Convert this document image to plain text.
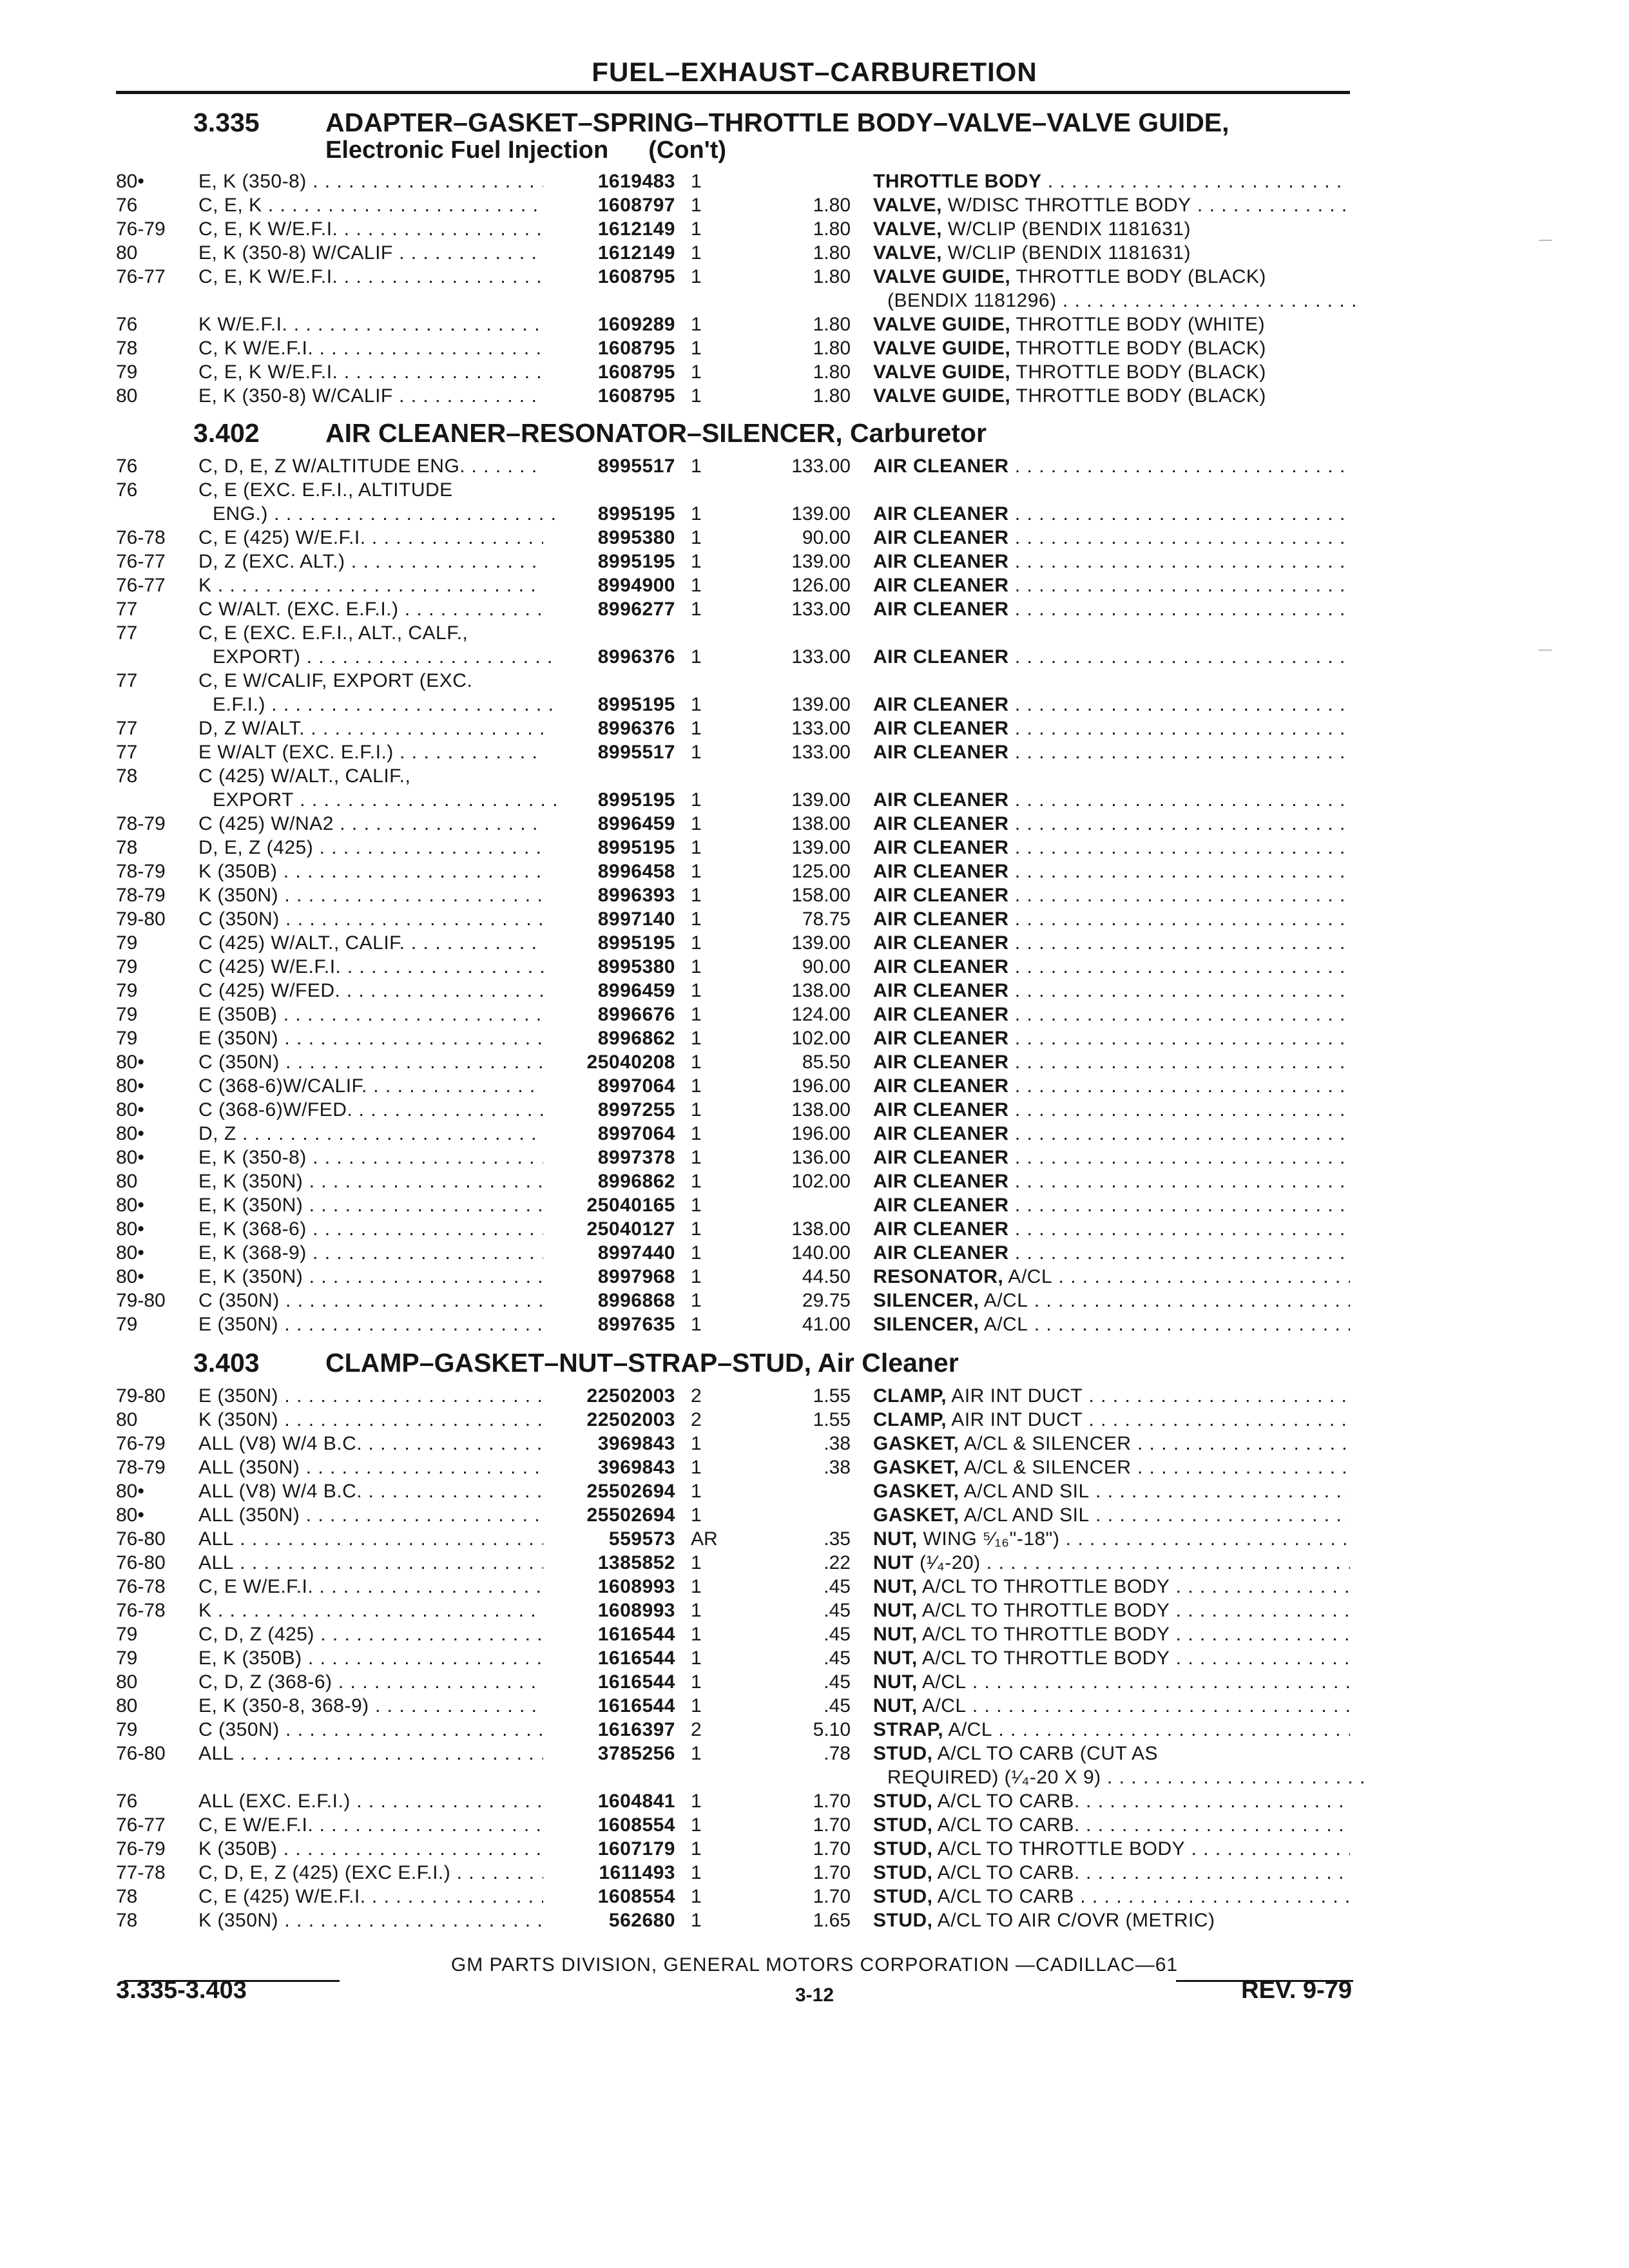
FUEL–EXHAUST–CARBURETION
3.335 ADAPTER–GASKET–SPRING–THROTTLE BODY–VALVE–VALVE GUIDE,
Electronic Fuel Injection (Con't)
3.402 AIR CLEANER–RESONATOR–SILENCER, Carburetor
3.403 CLAMP–GASKET–NUT–STRAP–STUD, Air Cleaner
80•	E, K (350-8) . . .	1619483 1	THROTTLE BODY . . .
76	C, E, K . . .	1608797 1	1.80 VALVE, W/DISC THROTTLE BODY . . .
76-79	C, E, K W/E.F.I. . . .	1612149 1	1.80 VALVE, W/CLIP (BENDIX 1181631)
80	E, K (350-8) W/CALIF . . .	1612149 1	1.80 VALVE, W/CLIP (BENDIX 1181631)
76-77	C, E, K W/E.F.I. . . .	1608795 1	1.80 VALVE GUIDE, THROTTLE BODY (BLACK)
(BENDIX 1181296) . . .
76	K W/E.F.I. . . .	1609289 1	1.80 VALVE GUIDE, THROTTLE BODY (WHITE)
78	C, K W/E.F.I. . . .	1608795 1	1.80 VALVE GUIDE, THROTTLE BODY (BLACK)
79	C, E, K W/E.F.I. . . .	1608795 1	1.80 VALVE GUIDE, THROTTLE BODY (BLACK)
80	E, K (350-8) W/CALIF . . .	1608795 1	1.80 VALVE GUIDE, THROTTLE BODY (BLACK)
76	C, D, E, Z W/ALTITUDE ENG. . . .	8995517 1	133.00 AIR CLEANER . . .
76	C, E (EXC. E.F.I., ALTITUDE
ENG.) . . .	8995195 1	139.00 AIR CLEANER . . .
76-78	C, E (425) W/E.F.I. . . .	8995380 1	90.00 AIR CLEANER . . .
76-77	D, Z (EXC. ALT.) . . .	8995195 1	139.00 AIR CLEANER . . .
76-77	K . . .	8994900 1	126.00 AIR CLEANER . . .
77	C W/ALT. (EXC. E.F.I.) . . .	8996277 1	133.00 AIR CLEANER . . .
77	C, E (EXC. E.F.I., ALT., CALF.,
EXPORT) . . .	8996376 1	133.00 AIR CLEANER . . .
77	C, E W/CALIF, EXPORT (EXC.
E.F.I.) . . .	8995195 1	139.00 AIR CLEANER . . .
77	D, Z W/ALT. . . .	8996376 1	133.00 AIR CLEANER . . .
77	E W/ALT (EXC. E.F.I.) . . .	8995517 1	133.00 AIR CLEANER . . .
78	C (425) W/ALT., CALIF.,
EXPORT . . .	8995195 1	139.00 AIR CLEANER . . .
78-79	C (425) W/NA2 . . .	8996459 1	138.00 AIR CLEANER . . .
78	D, E, Z (425) . . .	8995195 1	139.00 AIR CLEANER . . .
78-79	K (350B) . . .	8996458 1	125.00 AIR CLEANER . . .
78-79	K (350N) . . .	8996393 1	158.00 AIR CLEANER . . .
79-80	C (350N) . . .	8997140 1	78.75 AIR CLEANER . . .
79	C (425) W/ALT., CALIF. . . .	8995195 1	139.00 AIR CLEANER . . .
79	C (425) W/E.F.I. . . .	8995380 1	90.00 AIR CLEANER . . .
79	C (425) W/FED. . . .	8996459 1	138.00 AIR CLEANER . . .
79	E (350B) . . .	8996676 1	124.00 AIR CLEANER . . .
79	E (350N) . . .	8996862 1	102.00 AIR CLEANER . . .
80•	C (350N) . . .	25040208 1	85.50 AIR CLEANER . . .
80•	C (368-6)W/CALIF. . . .	8997064 1	196.00 AIR CLEANER . . .
80•	C (368-6)W/FED. . . .	8997255 1	138.00 AIR CLEANER . . .
80•	D, Z . . .	8997064 1	196.00 AIR CLEANER . . .
80•	E, K (350-8) . . .	8997378 1	136.00 AIR CLEANER . . .
80	E, K (350N) . . .	8996862 1	102.00 AIR CLEANER . . .
80•	E, K (350N) . . .	25040165 1	AIR CLEANER . . .
80•	E, K (368-6) . . .	25040127 1	138.00 AIR CLEANER . . .
80•	E, K (368-9) . . .	8997440 1	140.00 AIR CLEANER . . .
80•	E, K (350N) . . .	8997968 1	44.50 RESONATOR, A/CL . . .
79-80	C (350N) . . .	8996868 1	29.75 SILENCER, A/CL . . .
79	E (350N) . . .	8997635 1	41.00 SILENCER, A/CL . . .
79-80	E (350N) . . .	22502003 2	1.55 CLAMP, AIR INT DUCT . . .
80	K (350N) . . .	22502003 2	1.55 CLAMP, AIR INT DUCT . . .
76-79	ALL (V8) W/4 B.C. . . .	3969843 1	.38 GASKET, A/CL & SILENCER . . .
78-79	ALL (350N) . . .	3969843 1	.38 GASKET, A/CL & SILENCER . . .
80•	ALL (V8) W/4 B.C. . . .	25502694 1	GASKET, A/CL AND SIL . . .
80•	ALL (350N) . . .	25502694 1	GASKET, A/CL AND SIL . . .
76-80	ALL . . .	559573 AR	.35 NUT, WING ⁵⁄₁₆"-18") . . .
76-80	ALL . . .	1385852 1	.22 NUT (¹⁄₄-20) . . .
76-78	C, E W/E.F.I. . . .	1608993 1	.45 NUT, A/CL TO THROTTLE BODY . . .
76-78	K . . .	1608993 1	.45 NUT, A/CL TO THROTTLE BODY . . .
79	C, D, Z (425) . . .	1616544 1	.45 NUT, A/CL TO THROTTLE BODY . . .
79	E, K (350B) . . .	1616544 1	.45 NUT, A/CL TO THROTTLE BODY . . .
80	C, D, Z (368-6) . . .	1616544 1	.45 NUT, A/CL . . .
80	E, K (350-8, 368-9) . . .	1616544 1	.45 NUT, A/CL . . .
79	C (350N) . . .	1616397 2	5.10 STRAP, A/CL . . .
76-80	ALL . . .	3785256 1	.78 STUD, A/CL TO CARB (CUT AS
REQUIRED) (¹⁄₄-20 X 9) . . .
76	ALL (EXC. E.F.I.) . . .	1604841 1	1.70 STUD, A/CL TO CARB. . . .
76-77	C, E W/E.F.I. . . .	1608554 1	1.70 STUD, A/CL TO CARB. . . .
76-79	K (350B) . . .	1607179 1	1.70 STUD, A/CL TO THROTTLE BODY . . .
77-78	C, D, E, Z (425) (EXC E.F.I.) . . .	1611493 1	1.70 STUD, A/CL TO CARB. . . .
78	C, E (425) W/E.F.I. . . .	1608554 1	1.70 STUD, A/CL TO CARB . . .
78	K (350N) . . .	562680 1	1.65 STUD, A/CL TO AIR C/OVR (METRIC)
GM PARTS DIVISION, GENERAL MOTORS CORPORATION —CADILLAC—61
3.335-3.403	3-12	REV. 9-79
